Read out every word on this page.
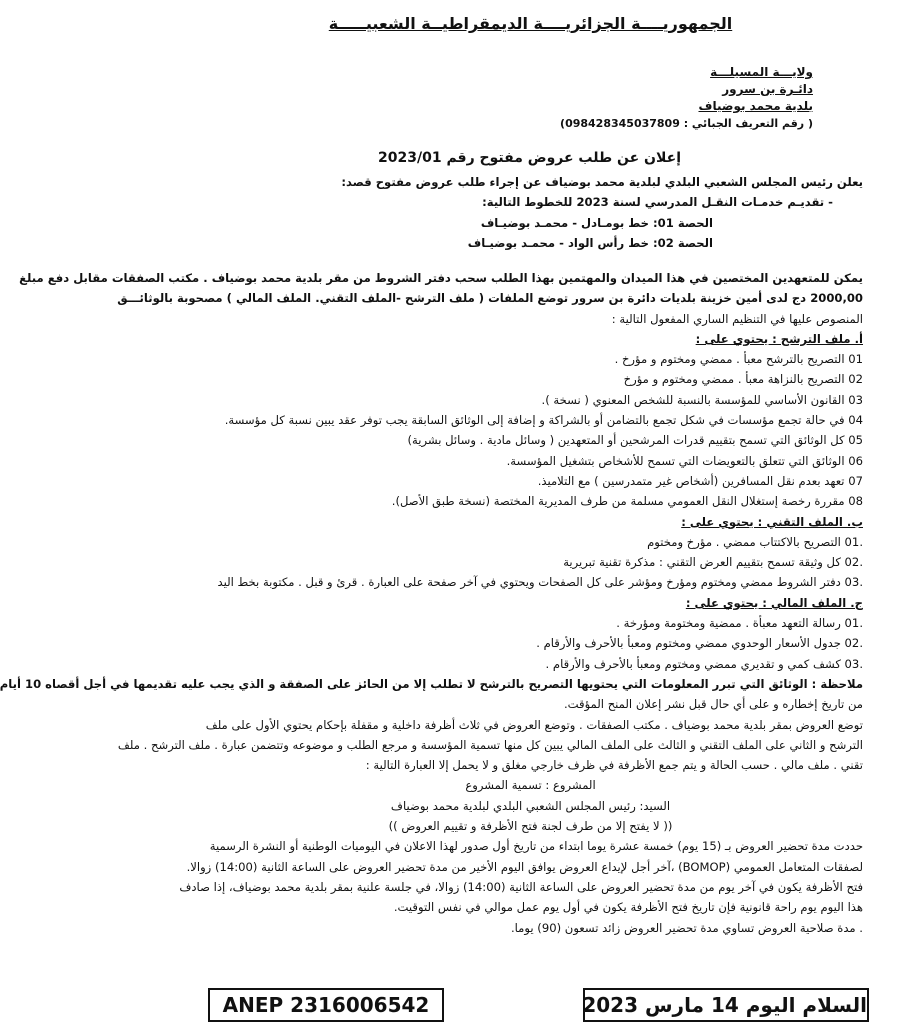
الجمهوريــــة الجزائريــــة الديمقراطيــة الشعبيـــــة
ولايـــة المسيلـــة
دائـرة بن سرور
بلدية محمد بوضياف
( رقم التعريف الجبائي : 098428345037809)
إعلان عن طلب عروض مفتوح رقم 2023/01
يعلن رئيس المجلس الشعبي البلدي لبلدية محمد بوضياف عن إجراء طلب عروض مفتوح قصد:
- تقديـم خدمـات النقـل المدرسي لسنة 2023 للخطوط التالية:
الحصة 01: خط بومـادل - محمـد بوضيـاف
الحصة 02: خط رأس الواد - محمـد بوضيـاف
يمكن للمتعهدين المختصين في هذا الميدان والمهتمين بهذا الطلب سحب دفتر الشروط من مقر بلدية محمد بوضياف . مكتب الصفقات مقابل دفع مبلغ
2000,00 دج لدى أمين خزينة بلديات دائرة بن سرور توضع الملفات ( ملف الترشح -الملف التقني. الملف المالي ) مصحوبة بالوثائـــق
المنصوص عليها في التنظيم الساري المفعول التالية :
أ. ملف الترشح : يحتوي على :
01 التصريح بالترشح معبأ . ممضي ومختوم و مؤرخ .
02 التصريح بالنزاهة معبأ . ممضي ومختوم و مؤرخ
03 القانون الأساسي للمؤسسة بالنسبة للشخص المعنوي ( نسخة ).
04 في حالة تجمع مؤسسات في شكل تجمع بالتضامن أو بالشراكة و إضافة إلى الوثائق السابقة يجب توفر عقد يبين نسبة كل مؤسسة.
05 كل الوثائق التي تسمح بتقييم قدرات المرشحين أو المتعهدين ( وسائل مادية . وسائل بشرية)
06 الوثائق التي تتعلق بالتعويضات التي تسمح للأشخاص بتشغيل المؤسسة.
07 تعهد بعدم نقل المسافرين (أشخاص غير متمدرسين ) مع التلاميذ.
08 مقررة رخصة إستغلال النقل العمومي مسلمة من طرف المديرية المختصة (نسخة طبق الأصل).
ب. الملف التقني : يحتوي على :
.01 التصريح بالاكتتاب ممضي . مؤرخ ومختوم
.02 كل وثيقة تسمح بتقييم العرض التقني : مذكرة تقنية تبريرية
.03 دفتر الشروط ممضي ومختوم ومؤرخ ومؤشر على كل الصفحات ويحتوي في آخر صفحة على العبارة . قرئ و قبل . مكتوبة بخط اليد
ج. الملف المالي : يحتوي على :
.01 رسالة التعهد معبأة . ممضية ومختومة ومؤرخة .
.02 جدول الأسعار الوحدوي ممضي ومختوم ومعبأ بالأحرف والأرقام .
.03 كشف كمي و تقديري ممضي ومختوم ومعبأ بالأحرف والأرقام .
ملاحظة : الوثائق التي تبرر المعلومات التي يحتويها التصريح بالترشح لا تطلب إلا من الحائز على الصفقة و الذي يجب عليه تقديمها في أجل أقصاه 10 أيام
من تاريخ إخطاره و على أي حال قبل نشر إعلان المنح المؤقت.
توضع العروض بمقر بلدية محمد بوضياف . مكتب الصفقات . وتوضع العروض في ثلاث أظرفة داخلية و مقفلة بإحكام يحتوي الأول على ملف
الترشح و الثاني على الملف التقني و الثالث على الملف المالي يبين كل منها تسمية المؤسسة و مرجع الطلب و موضوعه وتتضمن عبارة . ملف الترشح . ملف
تقني . ملف مالي . حسب الحالة و يتم جمع الأظرفة في ظرف خارجي مغلق و لا يحمل إلا العبارة التالية :
المشروع : تسمية المشروع
السيد: رئيس المجلس الشعبي البلدي لبلدية محمد بوضياف
(( لا يفتح إلا من طرف لجنة فتح الأظرفة و تقييم العروض ))
حددت مدة تحضير العروض بـ (15 يوم) خمسة عشرة يوما ابتداء من تاريخ أول صدور لهذا الاعلان في اليوميات الوطنية أو النشرة الرسمية
لصفقات المتعامل العمومي (BOMOP) ،آخر أجل لإيداع العروض يوافق اليوم الأخير من مدة تحضير العروض على الساعة الثانية (14:00) زوالا.
فتح الأظرفة يكون في آخر يوم من مدة تحضير العروض على الساعة الثانية (14:00) زوالا، في جلسة علنية بمقر بلدية محمد بوضياف، إذا صادف
هذا اليوم يوم راحة قانونية فإن تاريخ فتح الأظرفة يكون في أول يوم عمل موالي في نفس التوقيت.
. مدة صلاحية العروض تساوي مدة تحضير العروض زائد تسعون (90) يوما.
ANEP 2316006542	السلام اليوم 14 مارس 2023
